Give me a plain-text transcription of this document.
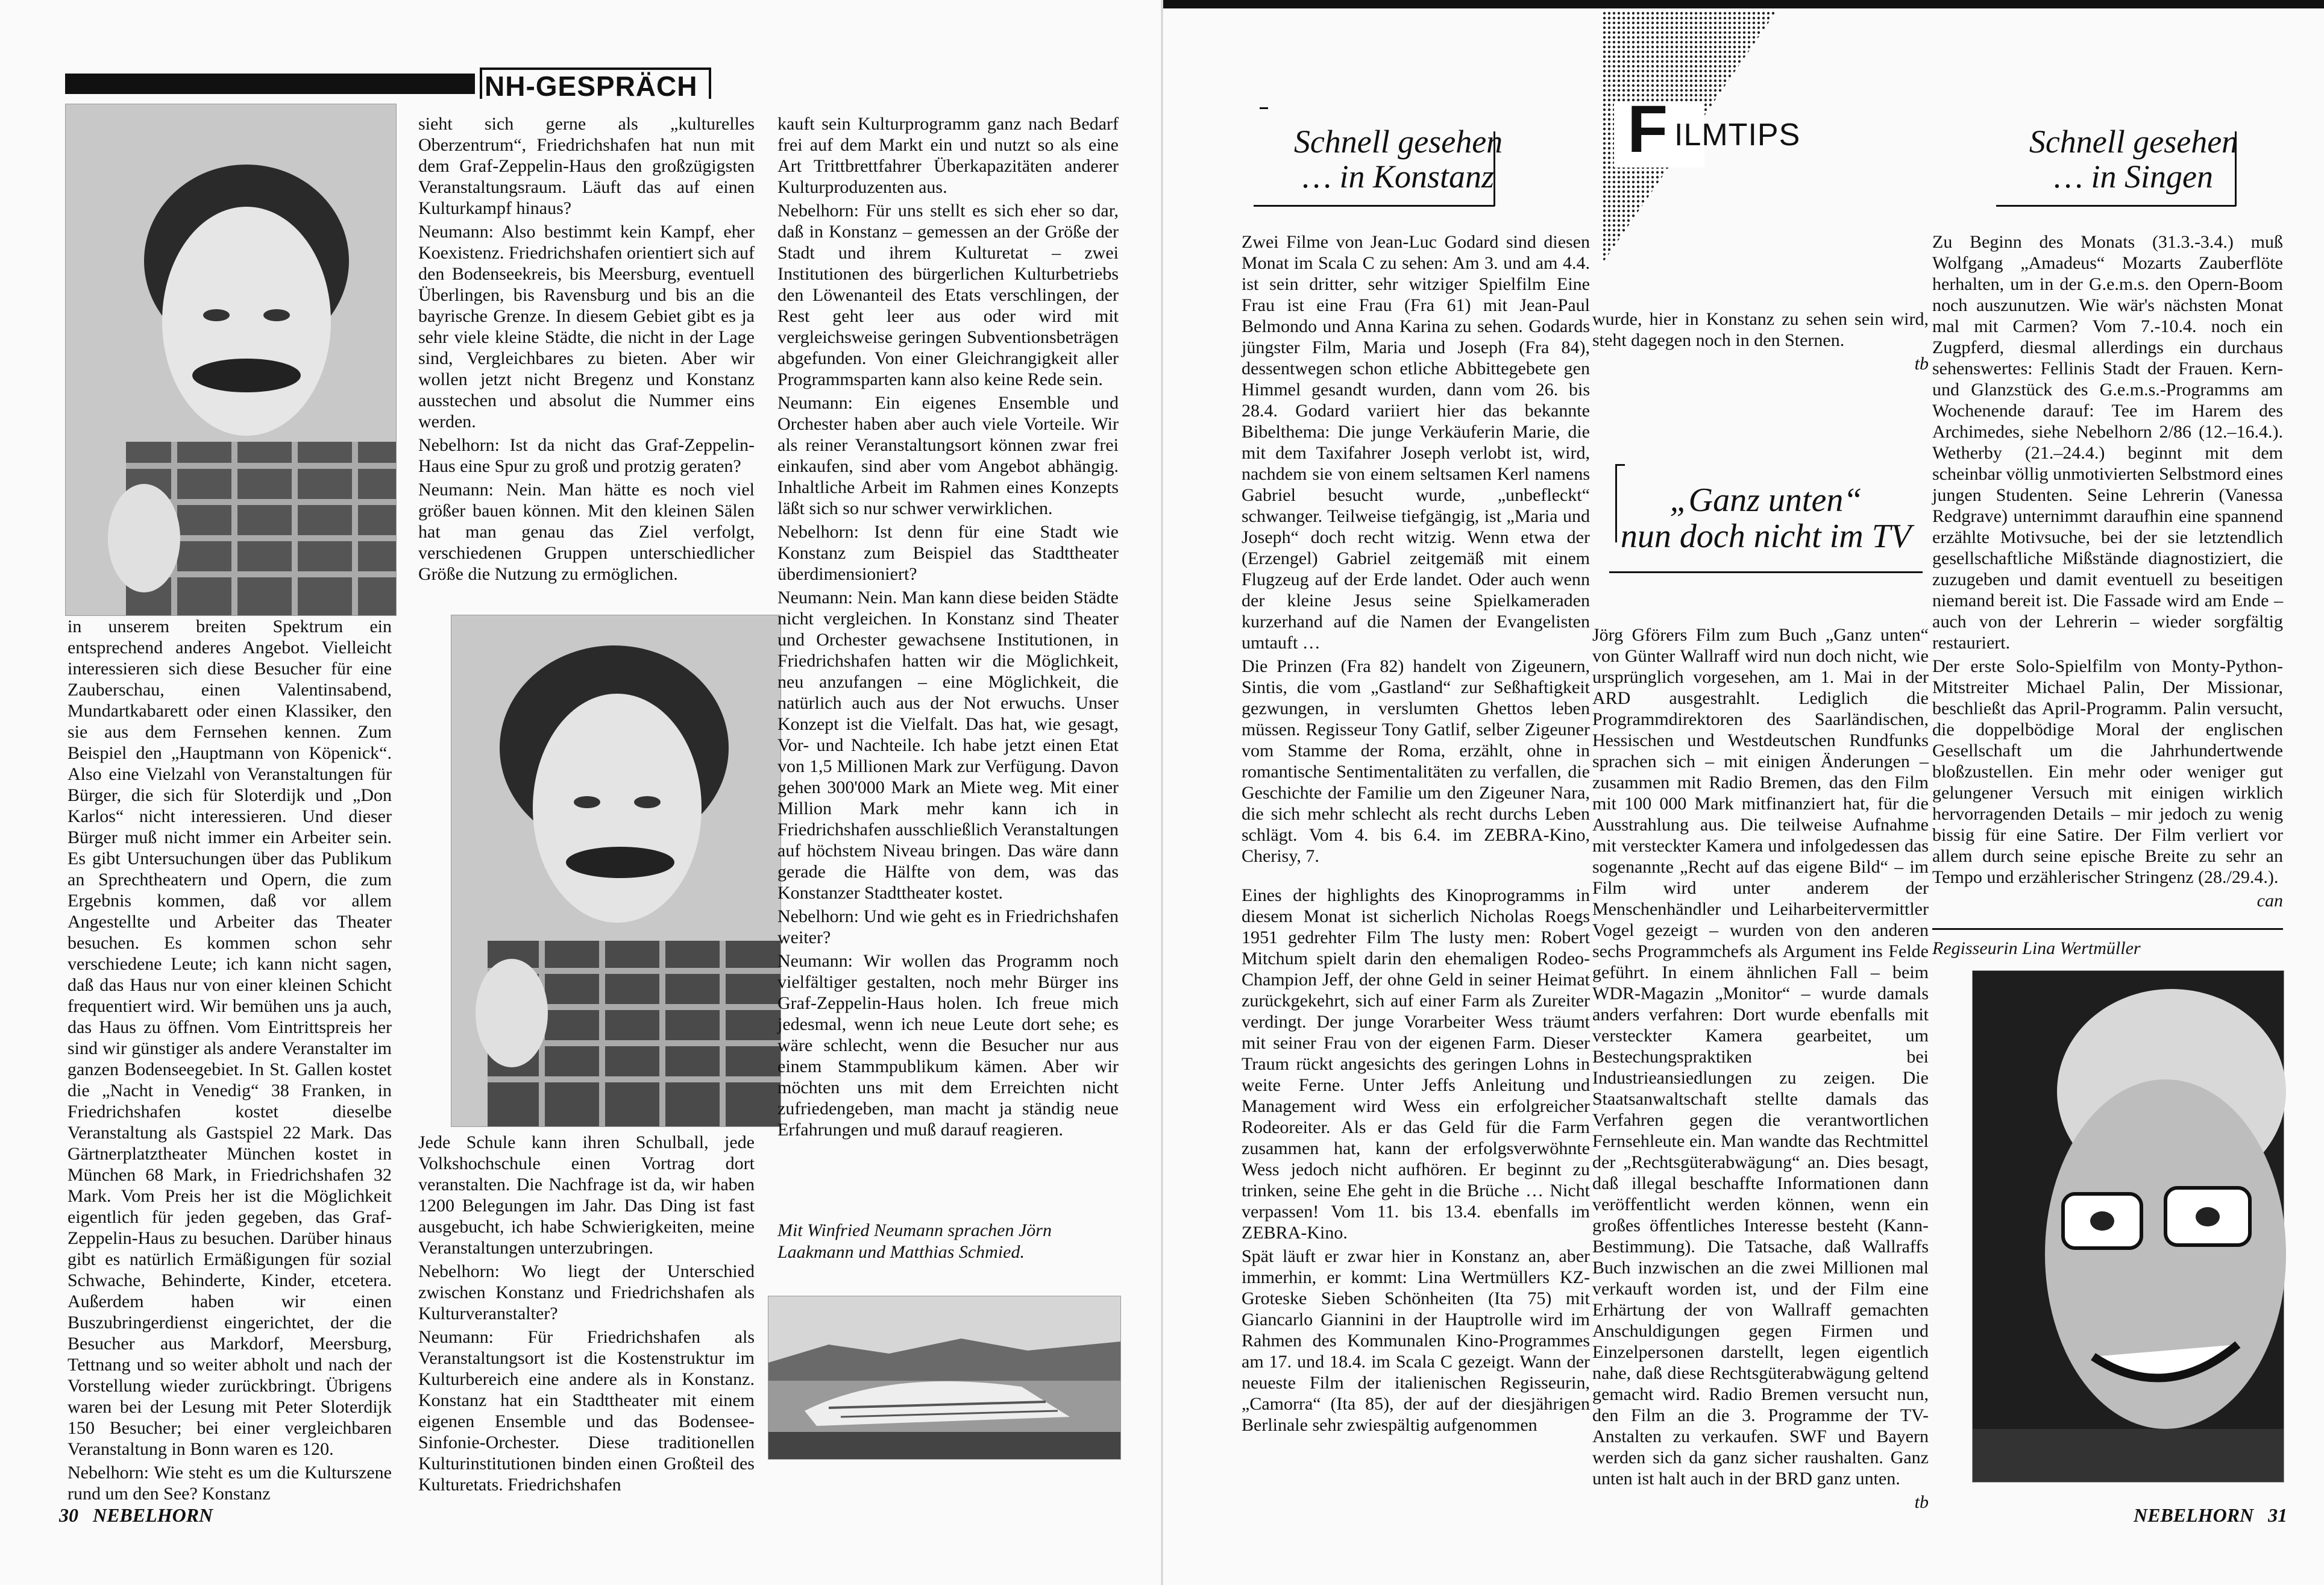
NH-GESPRÄCH

in unserem breiten Spektrum ein entsprechend anderes Angebot. Vielleicht interessieren sich diese Besucher für eine Zauberschau, einen Valentinsabend, Mundartkabarett oder einen Klassiker, den sie aus dem Fernsehen kennen. Zum Beispiel den „Hauptmann von Köpenick“. Also eine Vielzahl von Veranstaltungen für Bürger, die sich für Sloterdijk und „Don Karlos“ nicht interessieren. Und dieser Bürger muß nicht immer ein Arbeiter sein. Es gibt Untersuchungen über das Publikum an Sprechtheatern und Opern, die zum Ergebnis kommen, daß vor allem Angestellte und Arbeiter das Theater besuchen. Es kommen schon sehr verschiedene Leute; ich kann nicht sagen, daß das Haus nur von einer kleinen Schicht frequentiert wird. Wir bemühen uns ja auch, das Haus zu öffnen. Vom Eintrittspreis her sind wir günstiger als andere Veranstalter im ganzen Bodenseegebiet. In St. Gallen kostet die „Nacht in Venedig“ 38 Franken, in Friedrichshafen kostet dieselbe Veranstaltung als Gastspiel 22 Mark. Das Gärtnerplatztheater München kostet in München 68 Mark, in Friedrichshafen 32 Mark. Vom Preis her ist die Möglichkeit eigentlich für jeden gegeben, das Graf-Zeppelin-Haus zu besuchen. Darüber hinaus gibt es natürlich Ermäßigungen für sozial Schwache, Behinderte, Kinder, etcetera. Außerdem haben wir einen Buszubringerdienst eingerichtet, der die Besucher aus Markdorf, Meersburg, Tettnang und so weiter abholt und nach der Vorstellung wieder zurückbringt. Übrigens waren bei der Lesung mit Peter Sloterdijk 150 Besucher; bei einer vergleichbaren Veranstaltung in Bonn waren es 120.

Nebelhorn: Wie steht es um die Kulturszene rund um den See? Konstanz

sieht sich gerne als „kulturelles Oberzentrum“, Friedrichshafen hat nun mit dem Graf-Zeppelin-Haus den großzügigsten Veranstaltungsraum. Läuft das auf einen Kulturkampf hinaus?

Neumann: Also bestimmt kein Kampf, eher Koexistenz. Friedrichshafen orientiert sich auf den Bodenseekreis, bis Meersburg, eventuell Überlingen, bis Ravensburg und bis an die bayrische Grenze. In diesem Gebiet gibt es ja sehr viele kleine Städte, die nicht in der Lage sind, Vergleichbares zu bieten. Aber wir wollen jetzt nicht Bregenz und Konstanz ausstechen und absolut die Nummer eins werden.

Nebelhorn: Ist da nicht das Graf-Zeppelin-Haus eine Spur zu groß und protzig geraten?

Neumann: Nein. Man hätte es noch viel größer bauen können. Mit den kleinen Sälen hat man genau das Ziel verfolgt, verschiedenen Gruppen unterschiedlicher Größe die Nutzung zu ermöglichen.

Jede Schule kann ihren Schulball, jede Volkshochschule einen Vortrag dort veranstalten. Die Nachfrage ist da, wir haben 1200 Belegungen im Jahr. Das Ding ist fast ausgebucht, ich habe Schwierigkeiten, meine Veranstaltungen unterzubringen.

Nebelhorn: Wo liegt der Unterschied zwischen Konstanz und Friedrichshafen als Kulturveranstalter?

Neumann: Für Friedrichshafen als Veranstaltungsort ist die Kostenstruktur im Kulturbereich eine andere als in Konstanz. Konstanz hat ein Stadttheater mit einem eigenen Ensemble und das Bodensee-Sinfonie-Orchester. Diese traditionellen Kulturinstitutionen binden einen Großteil des Kulturetats. Friedrichshafen

kauft sein Kulturprogramm ganz nach Bedarf frei auf dem Markt ein und nutzt so als eine Art Trittbrettfahrer Überkapazitäten anderer Kulturproduzenten aus.

Nebelhorn: Für uns stellt es sich eher so dar, daß in Konstanz – gemessen an der Größe der Stadt und ihrem Kulturetat – zwei Institutionen des bürgerlichen Kulturbetriebs den Löwenanteil des Etats verschlingen, der Rest geht leer aus oder wird mit vergleichsweise geringen Subventionsbeträgen abgefunden. Von einer Gleichrangigkeit aller Programmsparten kann also keine Rede sein.

Neumann: Ein eigenes Ensemble und Orchester haben aber auch viele Vorteile. Wir als reiner Veranstaltungsort können zwar frei einkaufen, sind aber vom Angebot abhängig. Inhaltliche Arbeit im Rahmen eines Konzepts läßt sich so nur schwer verwirklichen.

Nebelhorn: Ist denn für eine Stadt wie Konstanz zum Beispiel das Stadttheater überdimensioniert?

Neumann: Nein. Man kann diese beiden Städte nicht vergleichen. In Konstanz sind Theater und Orchester gewachsene Institutionen, in Friedrichshafen hatten wir die Möglichkeit, neu anzufangen – eine Möglichkeit, die natürlich auch aus der Not erwuchs. Unser Konzept ist die Vielfalt. Das hat, wie gesagt, Vor- und Nachteile. Ich habe jetzt einen Etat von 1,5 Millionen Mark zur Verfügung. Davon gehen 300'000 Mark an Miete weg. Mit einer Million Mark mehr kann ich in Friedrichshafen ausschließlich Veranstaltungen auf höchstem Niveau bringen. Das wäre dann gerade die Hälfte von dem, was das Konstanzer Stadttheater kostet.

Nebelhorn: Und wie geht es in Friedrichshafen weiter?

Neumann: Wir wollen das Programm noch vielfältiger gestalten, noch mehr Bürger ins Graf-Zeppelin-Haus holen. Ich freue mich jedesmal, wenn ich neue Leute dort sehe; es wäre schlecht, wenn die Besucher nur aus einem Stammpublikum kämen. Aber wir möchten uns mit dem Erreichten nicht zufriedengeben, man macht ja ständig neue Erfahrungen und muß darauf reagieren.

Mit Winfried Neumann sprachen Jörn Laakmann und Matthias Schmied.
30 NEBELHORN
Schnell gesehen
… in Konstanz
F ILMTIPS	Schnell gesehen
… in Singen

Zwei Filme von Jean-Luc Godard sind diesen Monat im Scala C zu sehen: Am 3. und am 4.4. ist sein dritter, sehr witziger Spielfilm Eine Frau ist eine Frau (Fra 61) mit Jean-Paul Belmondo und Anna Karina zu sehen. Godards jüngster Film, Maria und Joseph (Fra 84), dessentwegen schon etliche Abbittegebete gen Himmel gesandt wurden, dann vom 26. bis 28.4. Godard variiert hier das bekannte Bibelthema: Die junge Verkäuferin Marie, die mit dem Taxifahrer Joseph verlobt ist, wird, nachdem sie von einem seltsamen Kerl namens Gabriel besucht wurde, „unbefleckt“ schwanger. Teilweise tiefgängig, ist „Maria und Joseph“ doch recht witzig. Wenn etwa der (Erzengel) Gabriel zeitgemäß mit einem Flugzeug auf der Erde landet. Oder auch wenn der kleine Jesus seine Spielkameraden kurzerhand auf die Namen der Evangelisten umtauft …

Die Prinzen (Fra 82) handelt von Zigeunern, Sintis, die vom „Gastland“ zur Seßhaftigkeit gezwungen, in verslumten Ghettos leben müssen. Regisseur Tony Gatlif, selber Zigeuner vom Stamme der Roma, erzählt, ohne in romantische Sentimentalitäten zu verfallen, die Geschichte der Familie um den Zigeuner Nara, die sich mehr schlecht als recht durchs Leben schlägt. Vom 4. bis 6.4. im ZEBRA-Kino, Cherisy, 7.

Eines der highlights des Kinoprogramms in diesem Monat ist sicherlich Nicholas Roegs 1951 gedrehter Film The lusty men: Robert Mitchum spielt darin den ehemaligen Rodeo-Champion Jeff, der ohne Geld in seiner Heimat zurückgekehrt, sich auf einer Farm als Zureiter verdingt. Der junge Vorarbeiter Wess träumt mit seiner Frau von der eigenen Farm. Dieser Traum rückt angesichts des geringen Lohns in weite Ferne. Unter Jeffs Anleitung und Management wird Wess ein erfolgreicher Rodeoreiter. Als er das Geld für die Farm zusammen hat, kann der erfolgsverwöhnte Wess jedoch nicht aufhören. Er beginnt zu trinken, seine Ehe geht in die Brüche … Nicht verpassen! Vom 11. bis 13.4. ebenfalls im ZEBRA-Kino.

Spät läuft er zwar hier in Konstanz an, aber immerhin, er kommt: Lina Wertmüllers KZ-Groteske Sieben Schönheiten (Ita 75) mit Giancarlo Giannini in der Hauptrolle wird im Rahmen des Kommunalen Kino-Programmes am 17. und 18.4. im Scala C gezeigt. Wann der neueste Film der italienischen Regisseurin, „Camorra“ (Ita 85), der auf der diesjährigen Berlinale sehr zwiespältig aufgenommen

wurde, hier in Konstanz zu sehen sein wird, steht dagegen noch in den Sternen.

tb
„Ganz unten“
nun doch nicht im TV

Jörg Gförers Film zum Buch „Ganz unten“ von Günter Wallraff wird nun doch nicht, wie ursprünglich vorgesehen, am 1. Mai in der ARD ausgestrahlt. Lediglich die Programmdirektoren des Saarländischen, Hessischen und Westdeutschen Rundfunks sprachen sich – mit einigen Änderungen – zusammen mit Radio Bremen, das den Film mit 100 000 Mark mitfinanziert hat, für die Ausstrahlung aus. Die teilweise Aufnahme mit versteckter Kamera und infolgedessen das sogenannte „Recht auf das eigene Bild“ – im Film wird unter anderem der Menschenhändler und Leiharbeitervermittler Vogel gezeigt – wurden von den anderen sechs Programmchefs als Argument ins Felde geführt. In einem ähnlichen Fall – beim WDR-Magazin „Monitor“ – wurde damals anders verfahren: Dort wurde ebenfalls mit versteckter Kamera gearbeitet, um Bestechungspraktiken bei Industrieansiedlungen zu zeigen. Die Staatsanwaltschaft stellte damals das Verfahren gegen die verantwortlichen Fernsehleute ein. Man wandte das Rechtmittel der „Rechtsgüterabwägung“ an. Dies besagt, daß illegal beschaffte Informationen dann veröffentlicht werden können, wenn ein großes öffentliches Interesse besteht (Kann-Bestimmung). Die Tatsache, daß Wallraffs Buch inzwischen an die zwei Millionen mal verkauft worden ist, und der Film eine Erhärtung der von Wallraff gemachten Anschuldigungen gegen Firmen und Einzelpersonen darstellt, legen eigentlich nahe, daß diese Rechtsgüterabwägung geltend gemacht wird. Radio Bremen versucht nun, den Film an die 3. Programme der TV-Anstalten zu verkaufen. SWF und Bayern werden sich da ganz sicher raushalten. Ganz unten ist halt auch in der BRD ganz unten.

tb

Zu Beginn des Monats (31.3.-3.4.) muß Wolfgang „Amadeus“ Mozarts Zauberflöte herhalten, um in der G.e.m.s. den Opern-Boom noch auszunutzen. Wie wär's nächsten Monat mal mit Carmen? Vom 7.-10.4. noch ein Zugpferd, diesmal allerdings ein durchaus sehenswertes: Fellinis Stadt der Frauen. Kern- und Glanzstück des G.e.m.s.-Programms am Wochenende darauf: Tee im Harem des Archimedes, siehe Nebelhorn 2/86 (12.–16.4.). Wetherby (21.–24.4.) beginnt mit dem scheinbar völlig unmotivierten Selbstmord eines jungen Studenten. Seine Lehrerin (Vanessa Redgrave) unternimmt daraufhin eine spannend erzählte Motivsuche, bei der sie letztendlich gesellschaftliche Mißstände diagnostiziert, die zuzugeben und damit eventuell zu beseitigen niemand bereit ist. Die Fassade wird am Ende – auch von der Lehrerin – wieder sorgfältig restauriert.

Der erste Solo-Spielfilm von Monty-Python-Mitstreiter Michael Palin, Der Missionar, beschließt das April-Programm. Palin versucht, die doppelbödige Moral der englischen Gesellschaft um die Jahrhundertwende bloßzustellen. Ein mehr oder weniger gut gelungener Versuch mit einigen wirklich hervorragenden Details – mir jedoch zu wenig bissig für eine Satire. Der Film verliert vor allem durch seine epische Breite zu sehr an Tempo und erzählerischer Stringenz (28./29.4.).

can
Regisseurin Lina Wertmüller
NEBELHORN 31
